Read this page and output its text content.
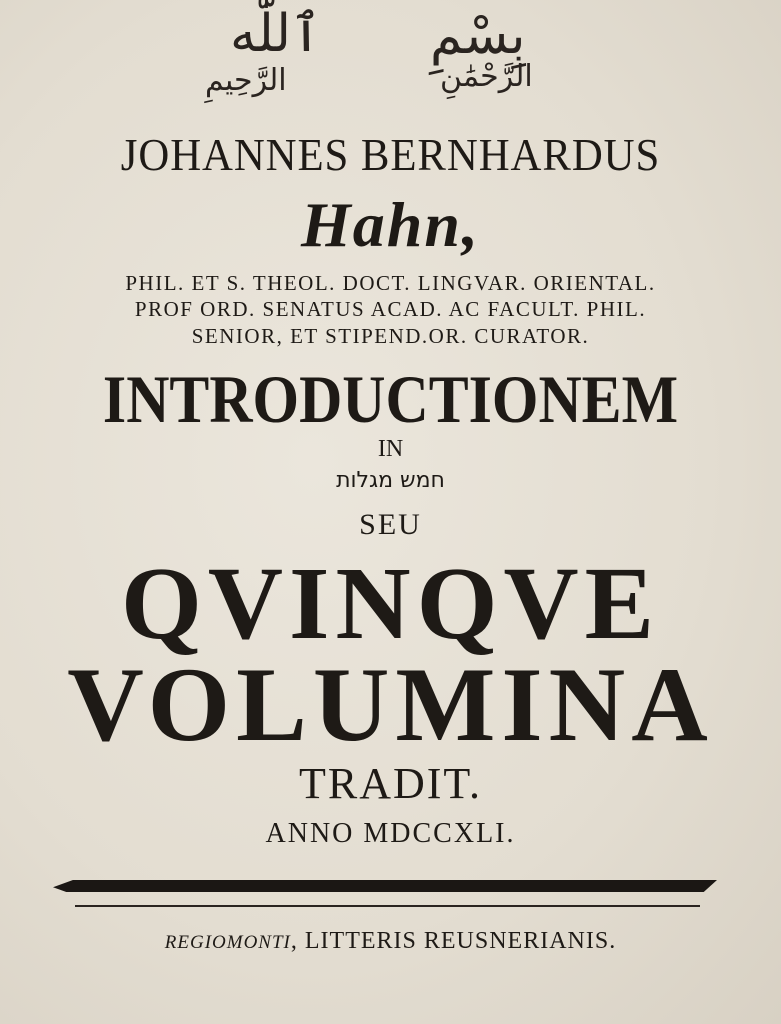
بِسْمِ
الرَّحْمَٰنِ
ٱللَّٰه
الرَّحِيمِ
JOHANNES BERNHARDUS
Hahn,
PHIL. ET S. THEOL. DOCT. LINGVAR. ORIENTAL.
PROF ORD. SENATUS ACAD. AC FACULT. PHIL.
SENIOR, ET STIPEND.OR. CURATOR.
INTRODUCTIONEM
IN
חמש מגלות
SEU
QVINQVE
VOLUMINA
TRADIT.
ANNO MDCCXLI.
REGIOMONTI, LITTERIS REUSNERIANIS.
